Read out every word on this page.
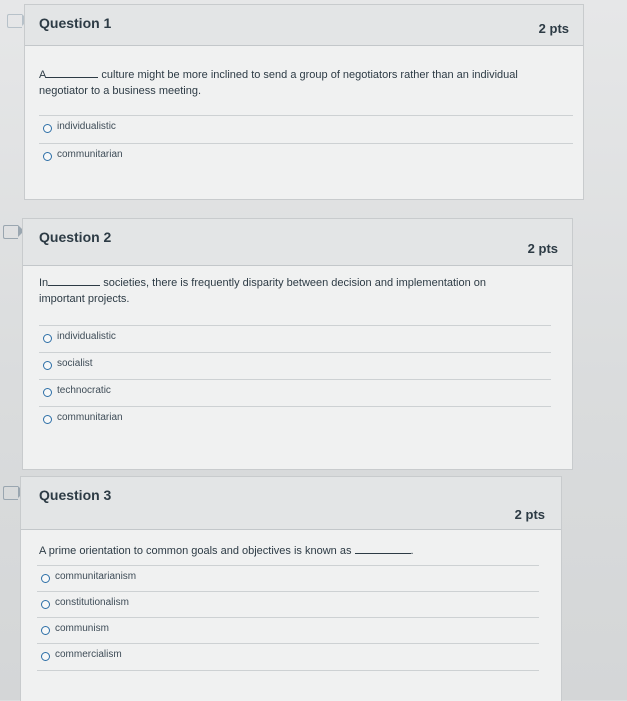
Question 1	2 pts
A	culture might be more inclined to send a group of negotiators rather than an individual
negotiator to a business meeting.
individualistic
communitarian
Question 2
2 pts
In	societies, there is frequently disparity between decision and implementation on
important projects.
individualistic
socialist
technocratic
communitarian
Question 3
2 pts
A prime orientation to common goals and objectives is known as	.
communitarianism
constitutionalism
communism
commercialism
